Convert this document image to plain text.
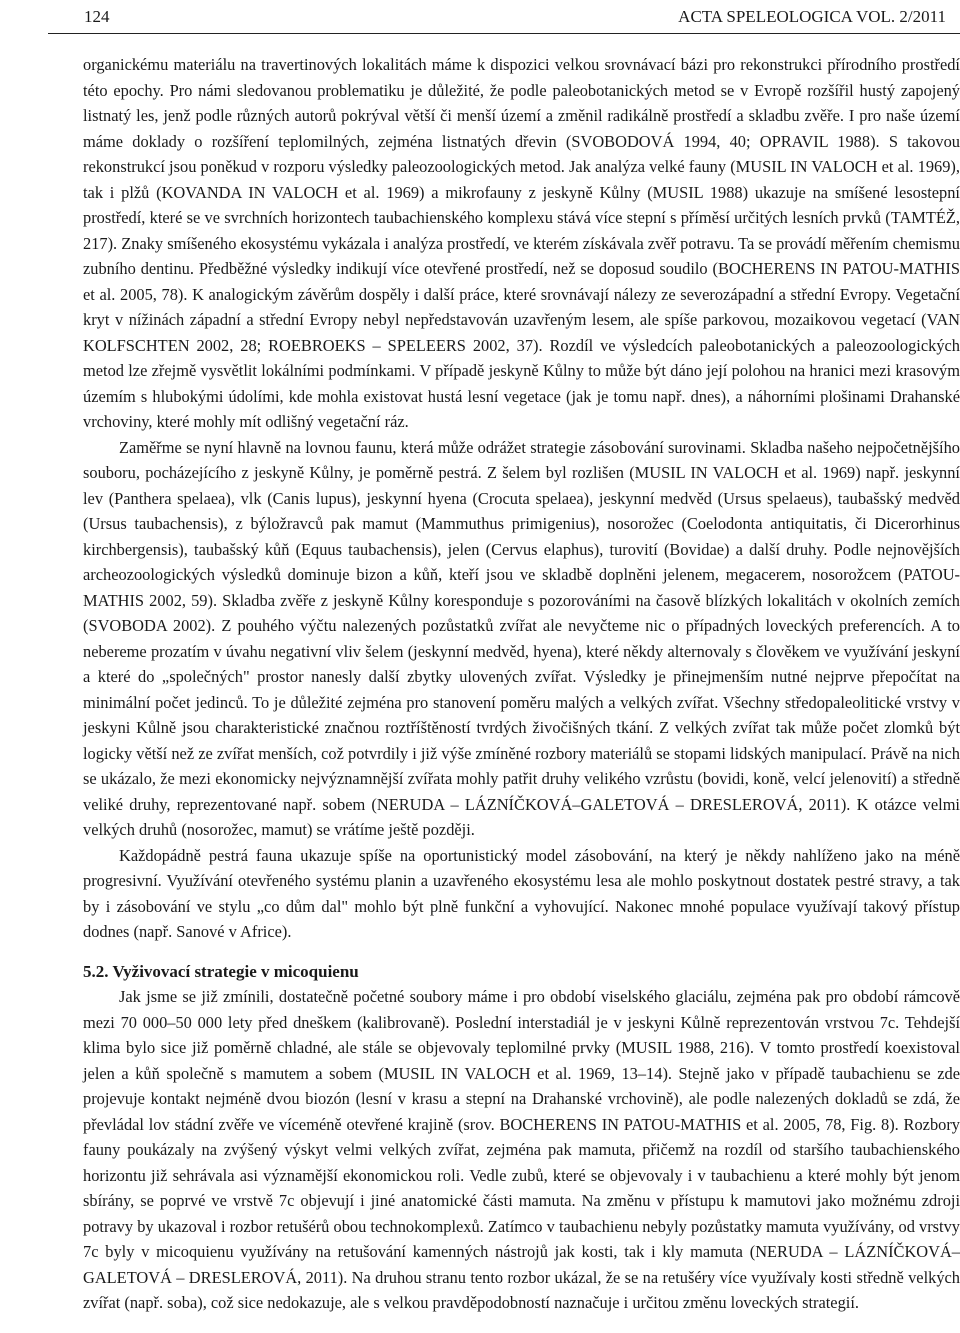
124	ACTA SPELEOLOGICA VOL. 2/2011

organickému materiálu na travertinových lokalitách máme k dispozici velkou srovnávací bázi pro rekonstrukci přírodního prostředí této epochy. Pro námi sledovanou problematiku je důležité, že podle paleobotanických metod se v Evropě rozšířil hustý zapojený listnatý les, jenž podle různých autorů pokrýval větší či menší území a změnil radikálně prostředí a skladbu zvěře. I pro naše území máme doklady o rozšíření teplomilných, zejména listnatých dřevin (SVOBODOVÁ 1994, 40; OPRAVIL 1988). S takovou rekonstrukcí jsou poněkud v rozporu výsledky paleozoologických metod. Jak analýza velké fauny (MUSIL IN VALOCH et al. 1969), tak i plžů (KOVANDA IN VALOCH et al. 1969) a mikrofauny z jeskyně Kůlny (MUSIL 1988) ukazuje na smíšené lesostepní prostředí, které se ve svrchních horizontech taubachienského komplexu stává více stepní s příměsí určitých lesních prvků (TAMTÉŽ, 217). Znaky smíšeného ekosystému vykázala i analýza prostředí, ve kterém získávala zvěř potravu. Ta se provádí měřením chemismu zubního dentinu. Předběžné výsledky indikují více otevřené prostředí, než se doposud soudilo (BOCHERENS IN PATOU-MATHIS et al. 2005, 78). K analogickým závěrům dospěly i další práce, které srovnávají nálezy ze severozápadní a střední Evropy. Vegetační kryt v nížinách západní a střední Evropy nebyl nepředstavován uzavřeným lesem, ale spíše parkovou, mozaikovou vegetací (VAN KOLFSCHTEN 2002, 28; ROEBROEKS – SPELEERS 2002, 37). Rozdíl ve výsledcích paleobotanických a paleozoologických metod lze zřejmě vysvětlit lokálními podmínkami. V případě jeskyně Kůlny to může být dáno její polohou na hranici mezi krasovým územím s hlubokými údolími, kde mohla existovat hustá lesní vegetace (jak je tomu např. dnes), a náhorními plošinami Drahanské vrchoviny, které mohly mít odlišný vegetační ráz.

Zaměřme se nyní hlavně na lovnou faunu, která může odrážet strategie zásobování surovinami. Skladba našeho nejpočetnějšího souboru, pocházejícího z jeskyně Kůlny, je poměrně pestrá. Z šelem byl rozlišen (MUSIL IN VALOCH et al. 1969) např. jeskynní lev (Panthera spelaea), vlk (Canis lupus), jeskynní hyena (Crocuta spelaea), jeskynní medvěd (Ursus spelaeus), taubašský medvěd (Ursus taubachensis), z býložravců pak mamut (Mammuthus primigenius), nosorožec (Coelodonta antiquitatis, či Dicerorhinus kirchbergensis), taubašský kůň (Equus taubachensis), jelen (Cervus elaphus), turovití (Bovidae) a další druhy. Podle nejnovějších archeozoologických výsledků dominuje bizon a kůň, kteří jsou ve skladbě doplněni jelenem, megacerem, nosorožcem (PATOU-MATHIS 2002, 59). Skladba zvěře z jeskyně Kůlny koresponduje s pozorováními na časově blízkých lokalitách v okolních zemích (SVOBODA 2002). Z pouhého výčtu nalezených pozůstatků zvířat ale nevyčteme nic o případných loveckých preferencích. A to nebereme prozatím v úvahu negativní vliv šelem (jeskynní medvěd, hyena), které někdy alternovaly s člověkem ve využívání jeskyní a které do „společných" prostor nanesly další zbytky ulovených zvířat. Výsledky je přinejmenším nutné nejprve přepočítat na minimální počet jedinců. To je důležité zejména pro stanovení poměru malých a velkých zvířat. Všechny středopaleolitické vrstvy v jeskyni Kůlně jsou charakteristické značnou roztříštěností tvrdých živočišných tkání. Z velkých zvířat tak může počet zlomků být logicky větší než ze zvířat menších, což potvrdily i již výše zmíněné rozbory materiálů se stopami lidských manipulací. Právě na nich se ukázalo, že mezi ekonomicky nejvýznamnější zvířata mohly patřit druhy velikého vzrůstu (bovidi, koně, velcí jelenovití) a středně veliké druhy, reprezentované např. sobem (NERUDA – LÁZNÍČKOVÁ–GALETOVÁ – DRESLEROVÁ, 2011). K otázce velmi velkých druhů (nosorožec, mamut) se vrátíme ještě později.

Každopádně pestrá fauna ukazuje spíše na oportunistický model zásobování, na který je někdy nahlíženo jako na méně progresivní. Využívání otevřeného systému planin a uzavřeného ekosystému lesa ale mohlo poskytnout dostatek pestré stravy, a tak by i zásobování ve stylu „co dům dal" mohlo být plně funkční a vyhovující. Nakonec mnohé populace využívají takový přístup dodnes (např. Sanové v Africe).

5.2. Vyživovací strategie v micoquienu

Jak jsme se již zmínili, dostatečně početné soubory máme i pro období viselského glaciálu, zejména pak pro období rámcově mezi 70 000–50 000 lety před dneškem (kalibrovaně). Poslední interstadiál je v jeskyni Kůlně reprezentován vrstvou 7c. Tehdejší klima bylo sice již poměrně chladné, ale stále se objevovaly teplomilné prvky (MUSIL 1988, 216). V tomto prostředí koexistoval jelen a kůň společně s mamutem a sobem (MUSIL IN VALOCH et al. 1969, 13–14). Stejně jako v případě taubachienu se zde projevuje kontakt nejméně dvou biozón (lesní v krasu a stepní na Drahanské vrchovině), ale podle nalezených dokladů se zdá, že převládal lov stádní zvěře ve víceméně otevřené krajině (srov. BOCHERENS IN PATOU-MATHIS et al. 2005, 78, Fig. 8). Rozbory fauny poukázaly na zvýšený výskyt velmi velkých zvířat, zejména pak mamuta, přičemž na rozdíl od staršího taubachienského horizontu již sehrávala asi významější ekonomickou roli. Vedle zubů, které se objevovaly i v taubachienu a které mohly být jenom sbírány, se poprvé ve vrstvě 7c objevují i jiné anatomické části mamuta. Na změnu v přístupu k mamutovi jako možnému zdroji potravy by ukazoval i rozbor retušérů obou technokomplexů. Zatímco v taubachienu nebyly pozůstatky mamuta využívány, od vrstvy 7c byly v micoquienu využívány na retušování kamenných nástrojů jak kosti, tak i kly mamuta (NERUDA – LÁZNÍČKOVÁ–GALETOVÁ – DRESLEROVÁ, 2011). Na druhou stranu tento rozbor ukázal, že se na retušéry více využívaly kosti středně velkých zvířat (např. soba), což sice nedokazuje, ale s velkou pravděpodobností naznačuje i určitou změnu loveckých strategií.
